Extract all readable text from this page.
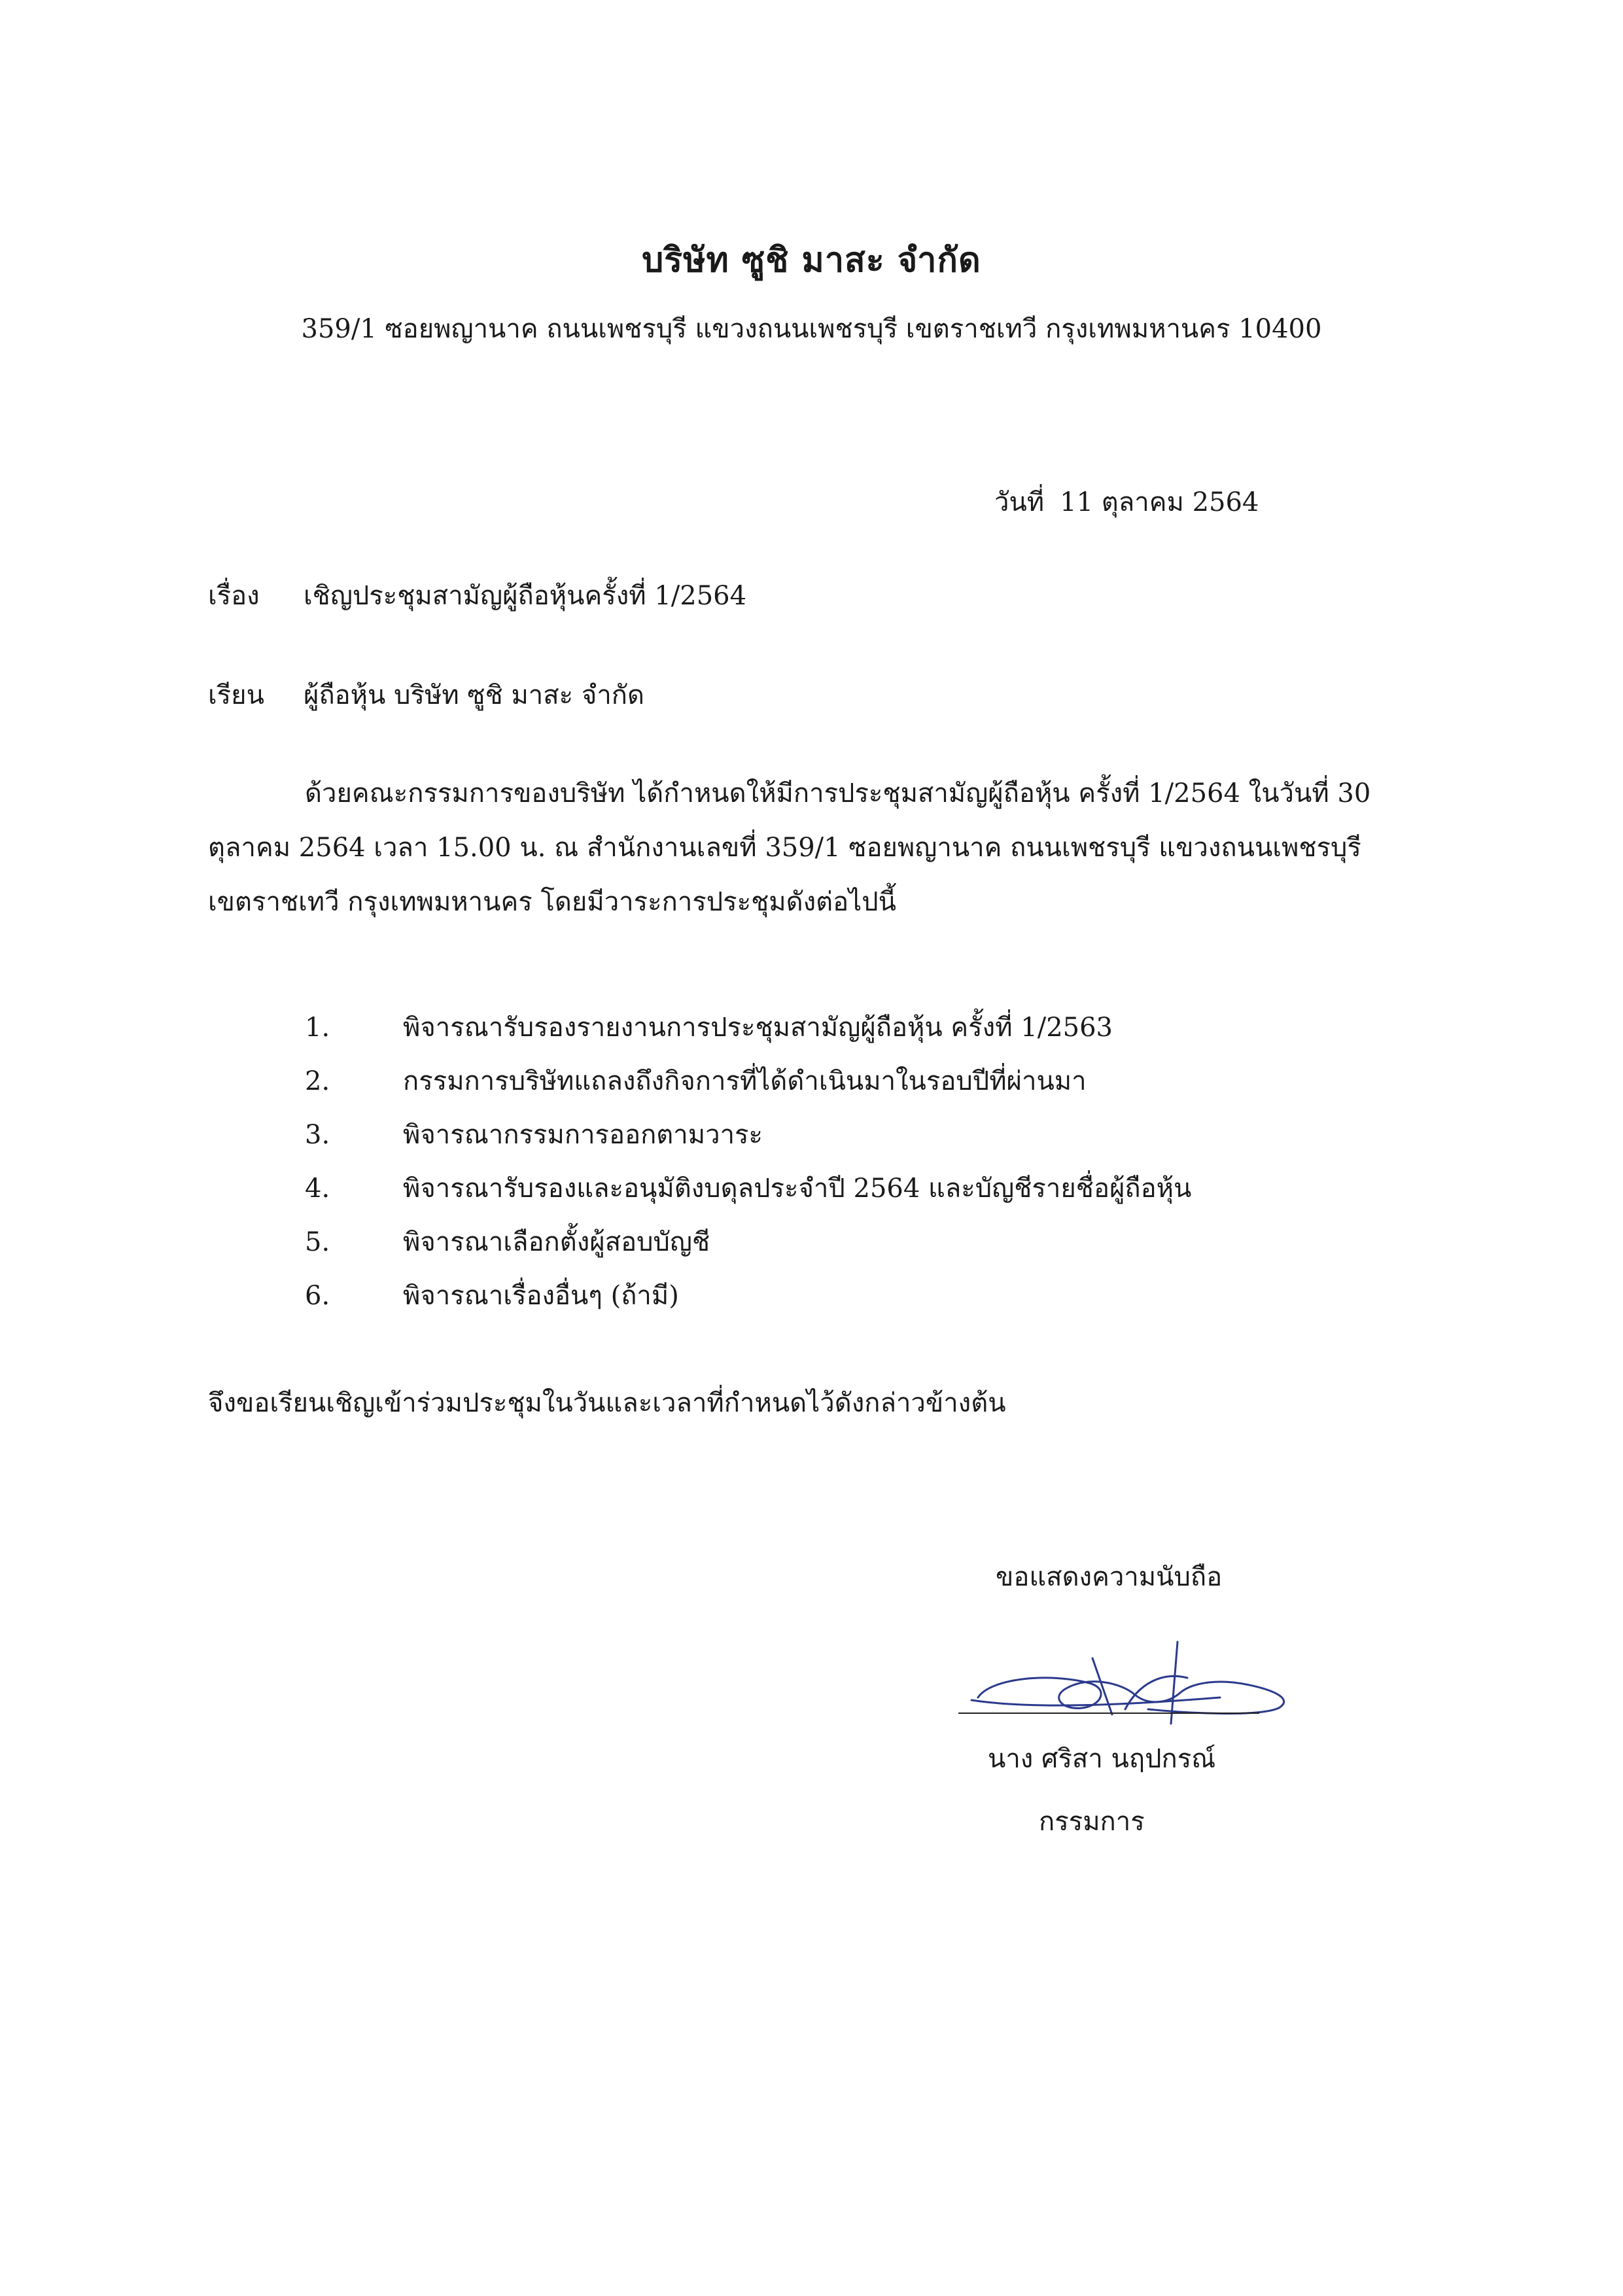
บริษัท ซูชิ มาสะ จำกัด
359/1 ซอยพญานาค ถนนเพชรบุรี แขวงถนนเพชรบุรี เขตราชเทวี กรุงเทพมหานคร 10400
วันที่ 11 ตุลาคม 2564
เรื่อง เชิญประชุมสามัญผู้ถือหุ้นครั้งที่ 1/2564
เรียน ผู้ถือหุ้น บริษัท ซูชิ มาสะ จำกัด
ด้วยคณะกรรมการของบริษัท ได้กำหนดให้มีการประชุมสามัญผู้ถือหุ้น ครั้งที่ 1/2564 ในวันที่ 30
ตุลาคม 2564 เวลา 15.00 น. ณ สำนักงานเลขที่ 359/1 ซอยพญานาค ถนนเพชรบุรี แขวงถนนเพชรบุรี
เขตราชเทวี กรุงเทพมหานคร โดยมีวาระการประชุมดังต่อไปนี้
1.	พิจารณารับรองรายงานการประชุมสามัญผู้ถือหุ้น ครั้งที่ 1/2563
2.	กรรมการบริษัทแถลงถึงกิจการที่ได้ดำเนินมาในรอบปีที่ผ่านมา
3.	พิจารณากรรมการออกตามวาระ
4.	พิจารณารับรองและอนุมัติงบดุลประจำปี 2564 และบัญชีรายชื่อผู้ถือหุ้น
5.	พิจารณาเลือกตั้งผู้สอบบัญชี
6.	พิจารณาเรื่องอื่นๆ (ถ้ามี)
จึงขอเรียนเชิญเข้าร่วมประชุมในวันและเวลาที่กำหนดไว้ดังกล่าวข้างต้น
ขอแสดงความนับถือ
นาง ศริสา นฤปกรณ์
กรรมการ
